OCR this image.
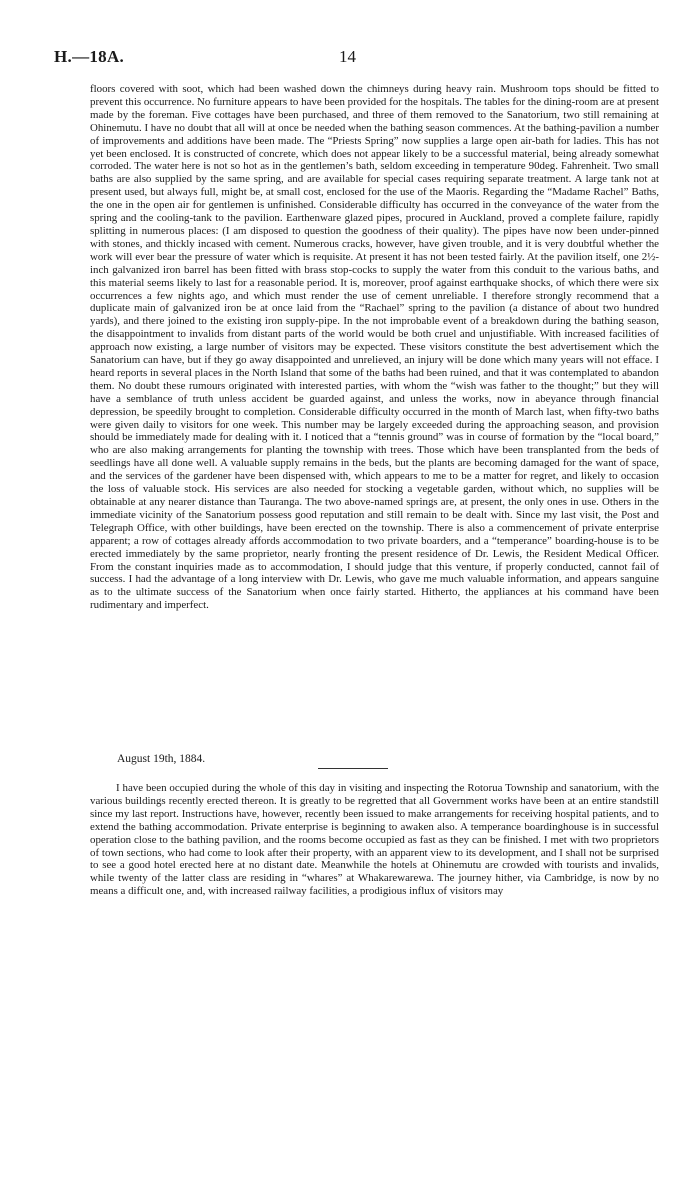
H.—18A.	14

floors covered with soot, which had been washed down the chimneys during heavy rain. Mushroom tops should be fitted to prevent this occurrence. No furniture appears to have been provided for the hospitals. The tables for the dining-room are at present made by the foreman. Five cottages have been purchased, and three of them removed to the Sanatorium, two still remaining at Ohinemutu. I have no doubt that all will at once be needed when the bathing season commences. At the bathing-pavilion a number of improvements and additions have been made. The “Priests Spring” now supplies a large open air-bath for ladies. This has not yet been enclosed. It is constructed of concrete, which does not appear likely to be a successful material, being already somewhat corroded. The water here is not so hot as in the gentlemen’s bath, seldom exceeding in temperature 90deg. Fahrenheit. Two small baths are also supplied by the same spring, and are available for special cases requiring separate treatment. A large tank not at present used, but always full, might be, at small cost, enclosed for the use of the Maoris. Regarding the “Madame Rachel” Baths, the one in the open air for gentlemen is unfinished. Considerable difficulty has occurred in the conveyance of the water from the spring and the cooling-tank to the pavilion. Earthenware glazed pipes, procured in Auckland, proved a complete failure, rapidly splitting in numerous places: (I am disposed to question the goodness of their quality). The pipes have now been under-pinned with stones, and thickly incased with cement. Numerous cracks, however, have given trouble, and it is very doubtful whether the work will ever bear the pressure of water which is requisite. At present it has not been tested fairly. At the pavilion itself, one 2½-inch galvanized iron barrel has been fitted with brass stop-cocks to supply the water from this conduit to the various baths, and this material seems likely to last for a reasonable period. It is, moreover, proof against earthquake shocks, of which there were six occurrences a few nights ago, and which must render the use of cement unreliable. I therefore strongly recommend that a duplicate main of galvanized iron be at once laid from the “Rachael” spring to the pavilion (a distance of about two hundred yards), and there joined to the existing iron supply-pipe. In the not improbable event of a breakdown during the bathing season, the disappointment to invalids from distant parts of the world would be both cruel and unjustifiable. With increased facilities of approach now existing, a large number of visitors may be expected. These visitors constitute the best advertisement which the Sanatorium can have, but if they go away disappointed and unrelieved, an injury will be done which many years will not efface. I heard reports in several places in the North Island that some of the baths had been ruined, and that it was contemplated to abandon them. No doubt these rumours originated with interested parties, with whom the “wish was father to the thought;” but they will have a semblance of truth unless accident be guarded against, and unless the works, now in abeyance through financial depression, be speedily brought to completion. Considerable difficulty occurred in the month of March last, when fifty-two baths were given daily to visitors for one week. This number may be largely exceeded during the approaching season, and provision should be immediately made for dealing with it. I noticed that a “tennis ground” was in course of formation by the “local board,” who are also making arrangements for planting the township with trees. Those which have been transplanted from the beds of seedlings have all done well. A valuable supply remains in the beds, but the plants are becoming damaged for the want of space, and the services of the gardener have been dispensed with, which appears to me to be a matter for regret, and likely to occasion the loss of valuable stock. His services are also needed for stocking a vegetable garden, without which, no supplies will be obtainable at any nearer distance than Tauranga. The two above-named springs are, at present, the only ones in use. Others in the immediate vicinity of the Sanatorium possess good reputation and still remain to be dealt with. Since my last visit, the Post and Telegraph Office, with other buildings, have been erected on the township. There is also a commencement of private enterprise apparent; a row of cottages already affords accommodation to two private boarders, and a “temperance” boarding-house is to be erected immediately by the same proprietor, nearly fronting the present residence of Dr. Lewis, the Resident Medical Officer. From the constant inquiries made as to accommodation, I should judge that this venture, if properly conducted, cannot fail of success. I had the advantage of a long interview with Dr. Lewis, who gave me much valuable information, and appears sanguine as to the ultimate success of the Sanatorium when once fairly started. Hitherto, the appliances at his command have been rudimentary and imperfect.

August 19th, 1884.

I have been occupied during the whole of this day in visiting and inspecting the Rotorua Township and sanatorium, with the various buildings recently erected thereon. It is greatly to be regretted that all Government works have been at an entire standstill since my last report. Instructions have, however, recently been issued to make arrangements for receiving hospital patients, and to extend the bathing accommodation. Private enterprise is beginning to awaken also. A temperance boardinghouse is in successful operation close to the bathing pavilion, and the rooms become occupied as fast as they can be finished. I met with two proprietors of town sections, who had come to look after their property, with an apparent view to its development, and I shall not be surprised to see a good hotel erected here at no distant date. Meanwhile the hotels at Ohinemutu are crowded with tourists and invalids, while twenty of the latter class are residing in “whares” at Whakarewarewa. The journey hither, via Cambridge, is now by no means a difficult one, and, with increased railway facilities, a prodigious influx of visitors may
